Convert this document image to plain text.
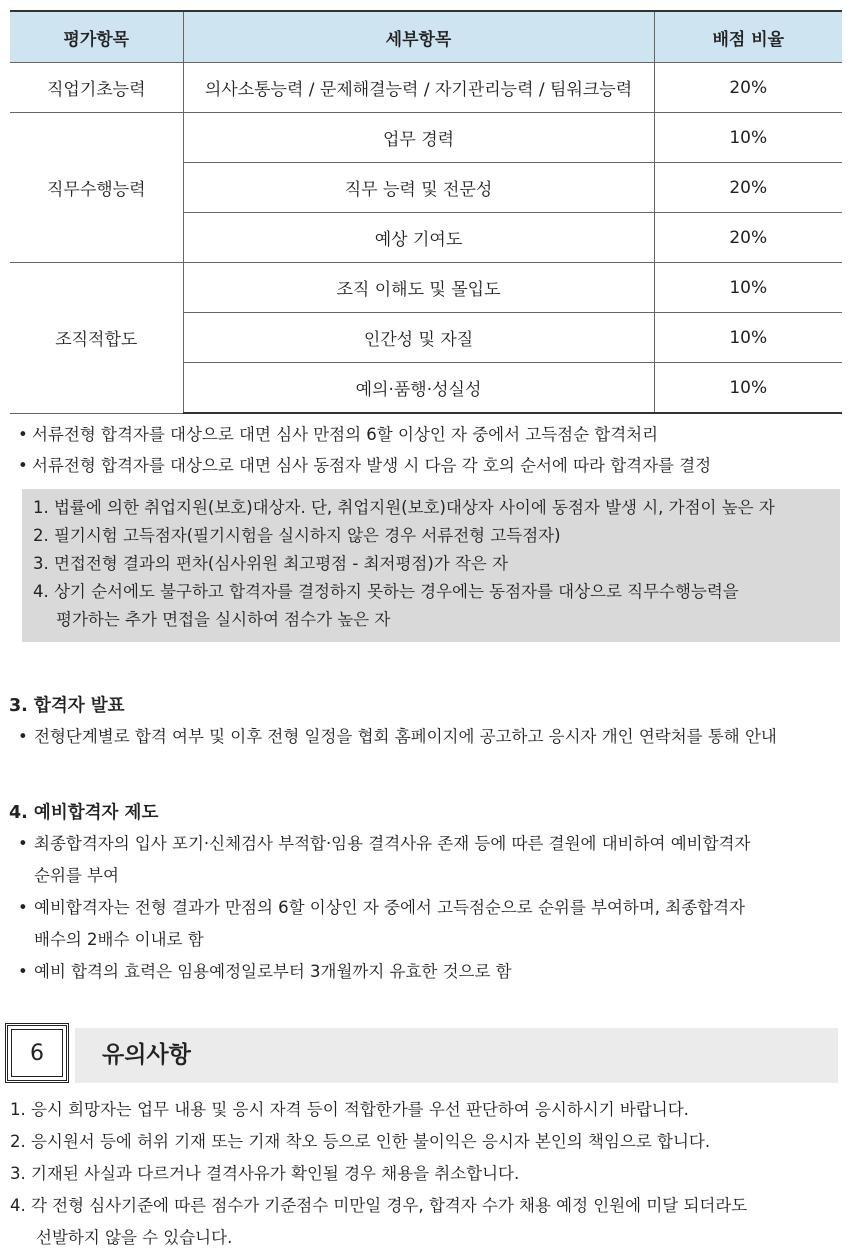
평가항목	세부항목	배점 비율
직업기초능력	의사소통능력 / 문제해결능력 / 자기관리능력 / 팀워크능력	20%
직무수행능력	업무 경력	10%
	직무 능력 및 전문성	20%
	예상 기여도	20%
조직적합도	조직 이해도 및 몰입도	10%
	인간성 및 자질	10%
	예의·품행·성실성	10%
• 서류전형 합격자를 대상으로 대면 심사 만점의 6할 이상인 자 중에서 고득점순 합격처리
• 서류전형 합격자를 대상으로 대면 심사 동점자 발생 시 다음 각 호의 순서에 따라 합격자를 결정
1. 법률에 의한 취업지원(보호)대상자. 단, 취업지원(보호)대상자 사이에 동점자 발생 시, 가점이 높은 자
2. 필기시험 고득점자(필기시험을 실시하지 않은 경우 서류전형 고득점자)
3. 면접전형 결과의 편차(심사위원 최고평점 - 최저평점)가 작은 자
4. 상기 순서에도 불구하고 합격자를 결정하지 못하는 경우에는 동점자를 대상으로 직무수행능력을
평가하는 추가 면접을 실시하여 점수가 높은 자
3. 합격자 발표
• 전형단계별로 합격 여부 및 이후 전형 일정을 협회 홈페이지에 공고하고 응시자 개인 연락처를 통해 안내
4. 예비합격자 제도
• 최종합격자의 입사 포기·신체검사 부적합·임용 결격사유 존재 등에 따른 결원에 대비하여 예비합격자
순위를 부여
• 예비합격자는 전형 결과가 만점의 6할 이상인 자 중에서 고득점순으로 순위를 부여하며, 최종합격자
배수의 2배수 이내로 함
• 예비 합격의 효력은 임용예정일로부터 3개월까지 유효한 것으로 함
6	유의사항
1. 응시 희망자는 업무 내용 및 응시 자격 등이 적합한가를 우선 판단하여 응시하시기 바랍니다.
2. 응시원서 등에 허위 기재 또는 기재 착오 등으로 인한 불이익은 응시자 본인의 책임으로 합니다.
3. 기재된 사실과 다르거나 결격사유가 확인될 경우 채용을 취소합니다.
4. 각 전형 심사기준에 따른 점수가 기준점수 미만일 경우, 합격자 수가 채용 예정 인원에 미달 되더라도
선발하지 않을 수 있습니다.
